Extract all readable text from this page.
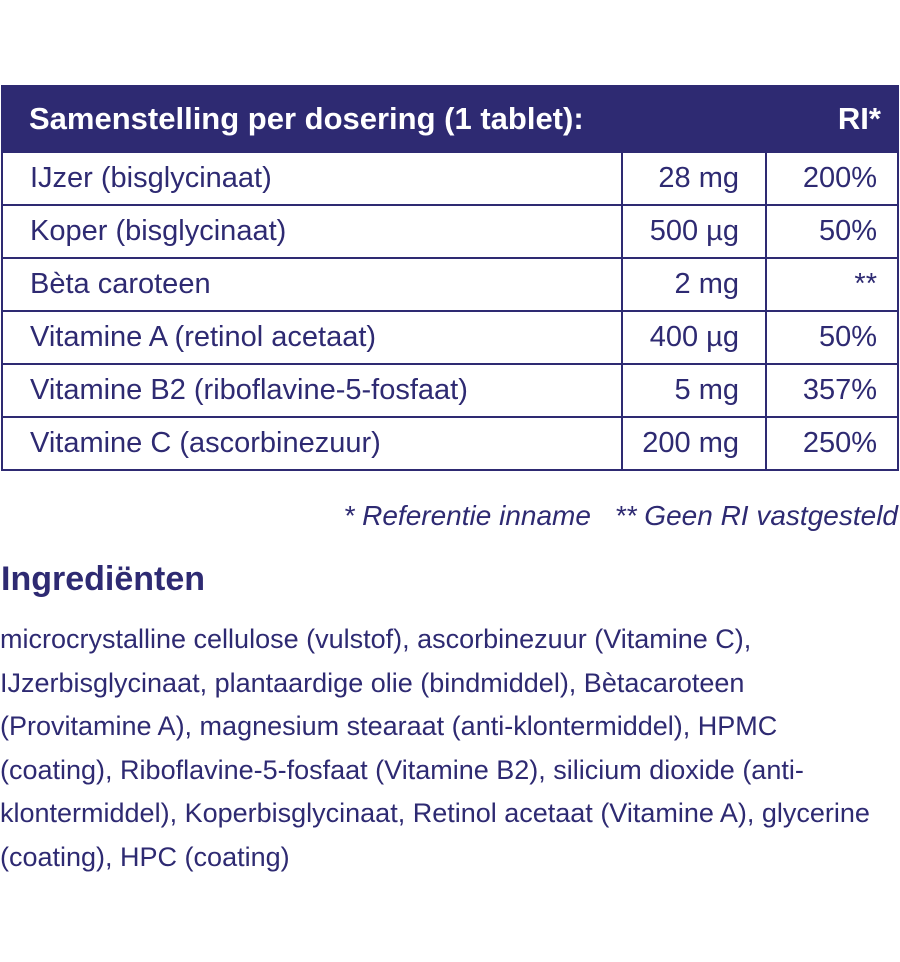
Samenstelling per dosering (1 tablet):		RI*
IJzer (bisglycinaat)	28 mg	200%
Koper (bisglycinaat)	500 µg	50%
Bèta caroteen	2 mg	**
Vitamine A (retinol acetaat)	400 µg	50%
Vitamine B2 (riboflavine-5-fosfaat)	5 mg	357%
Vitamine C (ascorbinezuur)	200 mg	250%
* Referentie inname ** Geen RI vastgesteld
Ingrediënten

microcrystalline cellulose (vulstof), ascorbinezuur (Vitamine C), IJzerbisglycinaat, plantaardige olie (bindmiddel), Bètacaroteen (Provitamine A), magnesium stearaat (anti-klontermiddel), HPMC (coating), Riboflavine-5-fosfaat (Vitamine B2), silicium dioxide (anti-klontermiddel), Koperbisglycinaat, Retinol acetaat (Vitamine A), glycerine (coating), HPC (coating)
